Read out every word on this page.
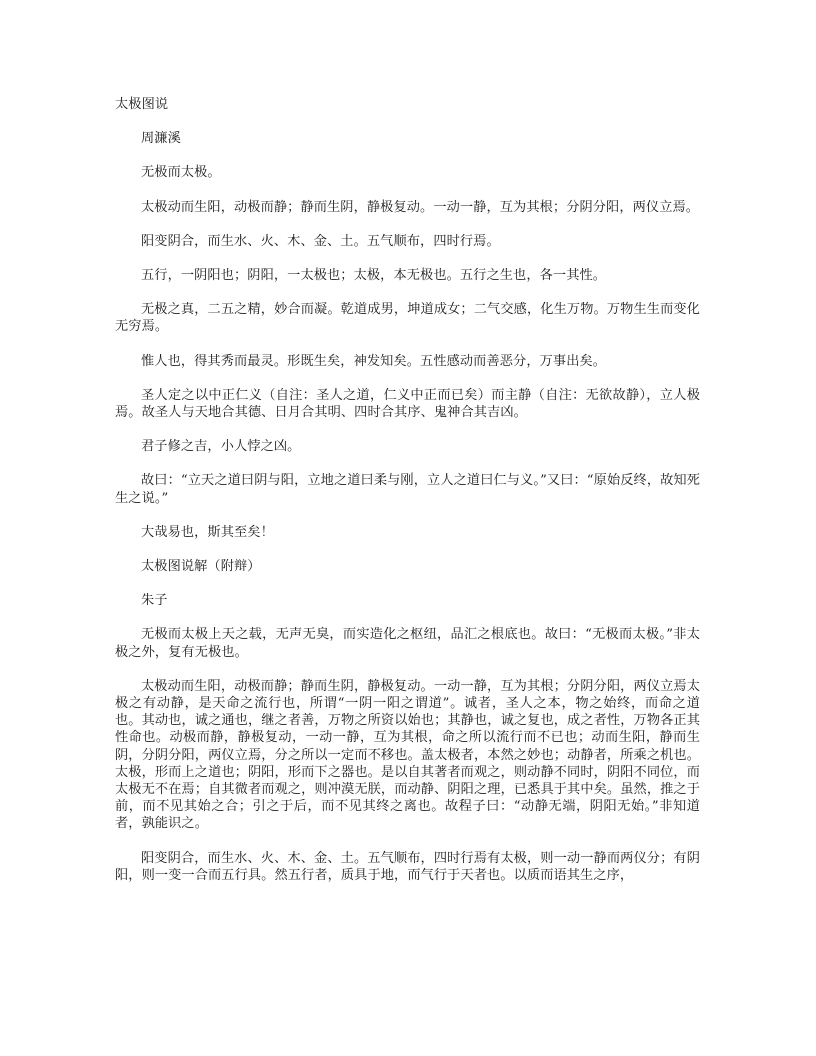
太极图说

周濂溪

无极而太极。

太极动而生阳，动极而静；静而生阴，静极复动。一动一静，互为其根；分阴分阳，两仪立焉。

阳变阴合，而生水、火、木、金、土。五气顺布，四时行焉。

五行，一阴阳也；阴阳，一太极也；太极，本无极也。五行之生也，各一其性。

无极之真，二五之精，妙合而凝。乾道成男，坤道成女；二气交感，化生万物。万物生生而变化无穷焉。

惟人也，得其秀而最灵。形既生矣，神发知矣。五性感动而善恶分，万事出矣。

圣人定之以中正仁义（自注：圣人之道，仁义中正而已矣）而主静（自注：无欲故静），立人极焉。故圣人与天地合其德、日月合其明、四时合其序、鬼神合其吉凶。

君子修之吉，小人悖之凶。

故曰：“立天之道曰阴与阳，立地之道曰柔与刚，立人之道曰仁与义。”又曰：“原始反终，故知死生之说。”

大哉易也，斯其至矣！

太极图说解（附辩）

朱子

无极而太极上天之载，无声无臭，而实造化之枢纽，品汇之根底也。故曰：“无极而太极。”非太极之外，复有无极也。

太极动而生阳，动极而静；静而生阴，静极复动。一动一静，互为其根；分阴分阳，两仪立焉太极之有动静，是天命之流行也，所谓“一阴一阳之谓道”。诚者，圣人之本，物之始终，而命之道也。其动也，诚之通也，继之者善，万物之所资以始也；其静也，诚之复也，成之者性，万物各正其性命也。动极而静，静极复动，一动一静，互为其根，命之所以流行而不已也；动而生阳，静而生阴，分阴分阳，两仪立焉，分之所以一定而不移也。盖太极者，本然之妙也；动静者，所乘之机也。太极，形而上之道也；阴阳，形而下之器也。是以自其著者而观之，则动静不同时，阴阳不同位，而太极无不在焉；自其微者而观之，则冲漠无朕，而动静、阴阳之理，已悉具于其中矣。虽然，推之于前，而不见其始之合；引之于后，而不见其终之离也。故程子曰：“动静无端，阴阳无始。”非知道者，孰能识之。

阳变阴合，而生水、火、木、金、土。五气顺布，四时行焉有太极，则一动一静而两仪分；有阴阳，则一变一合而五行具。然五行者，质具于地，而气行于天者也。以质而语其生之序，
